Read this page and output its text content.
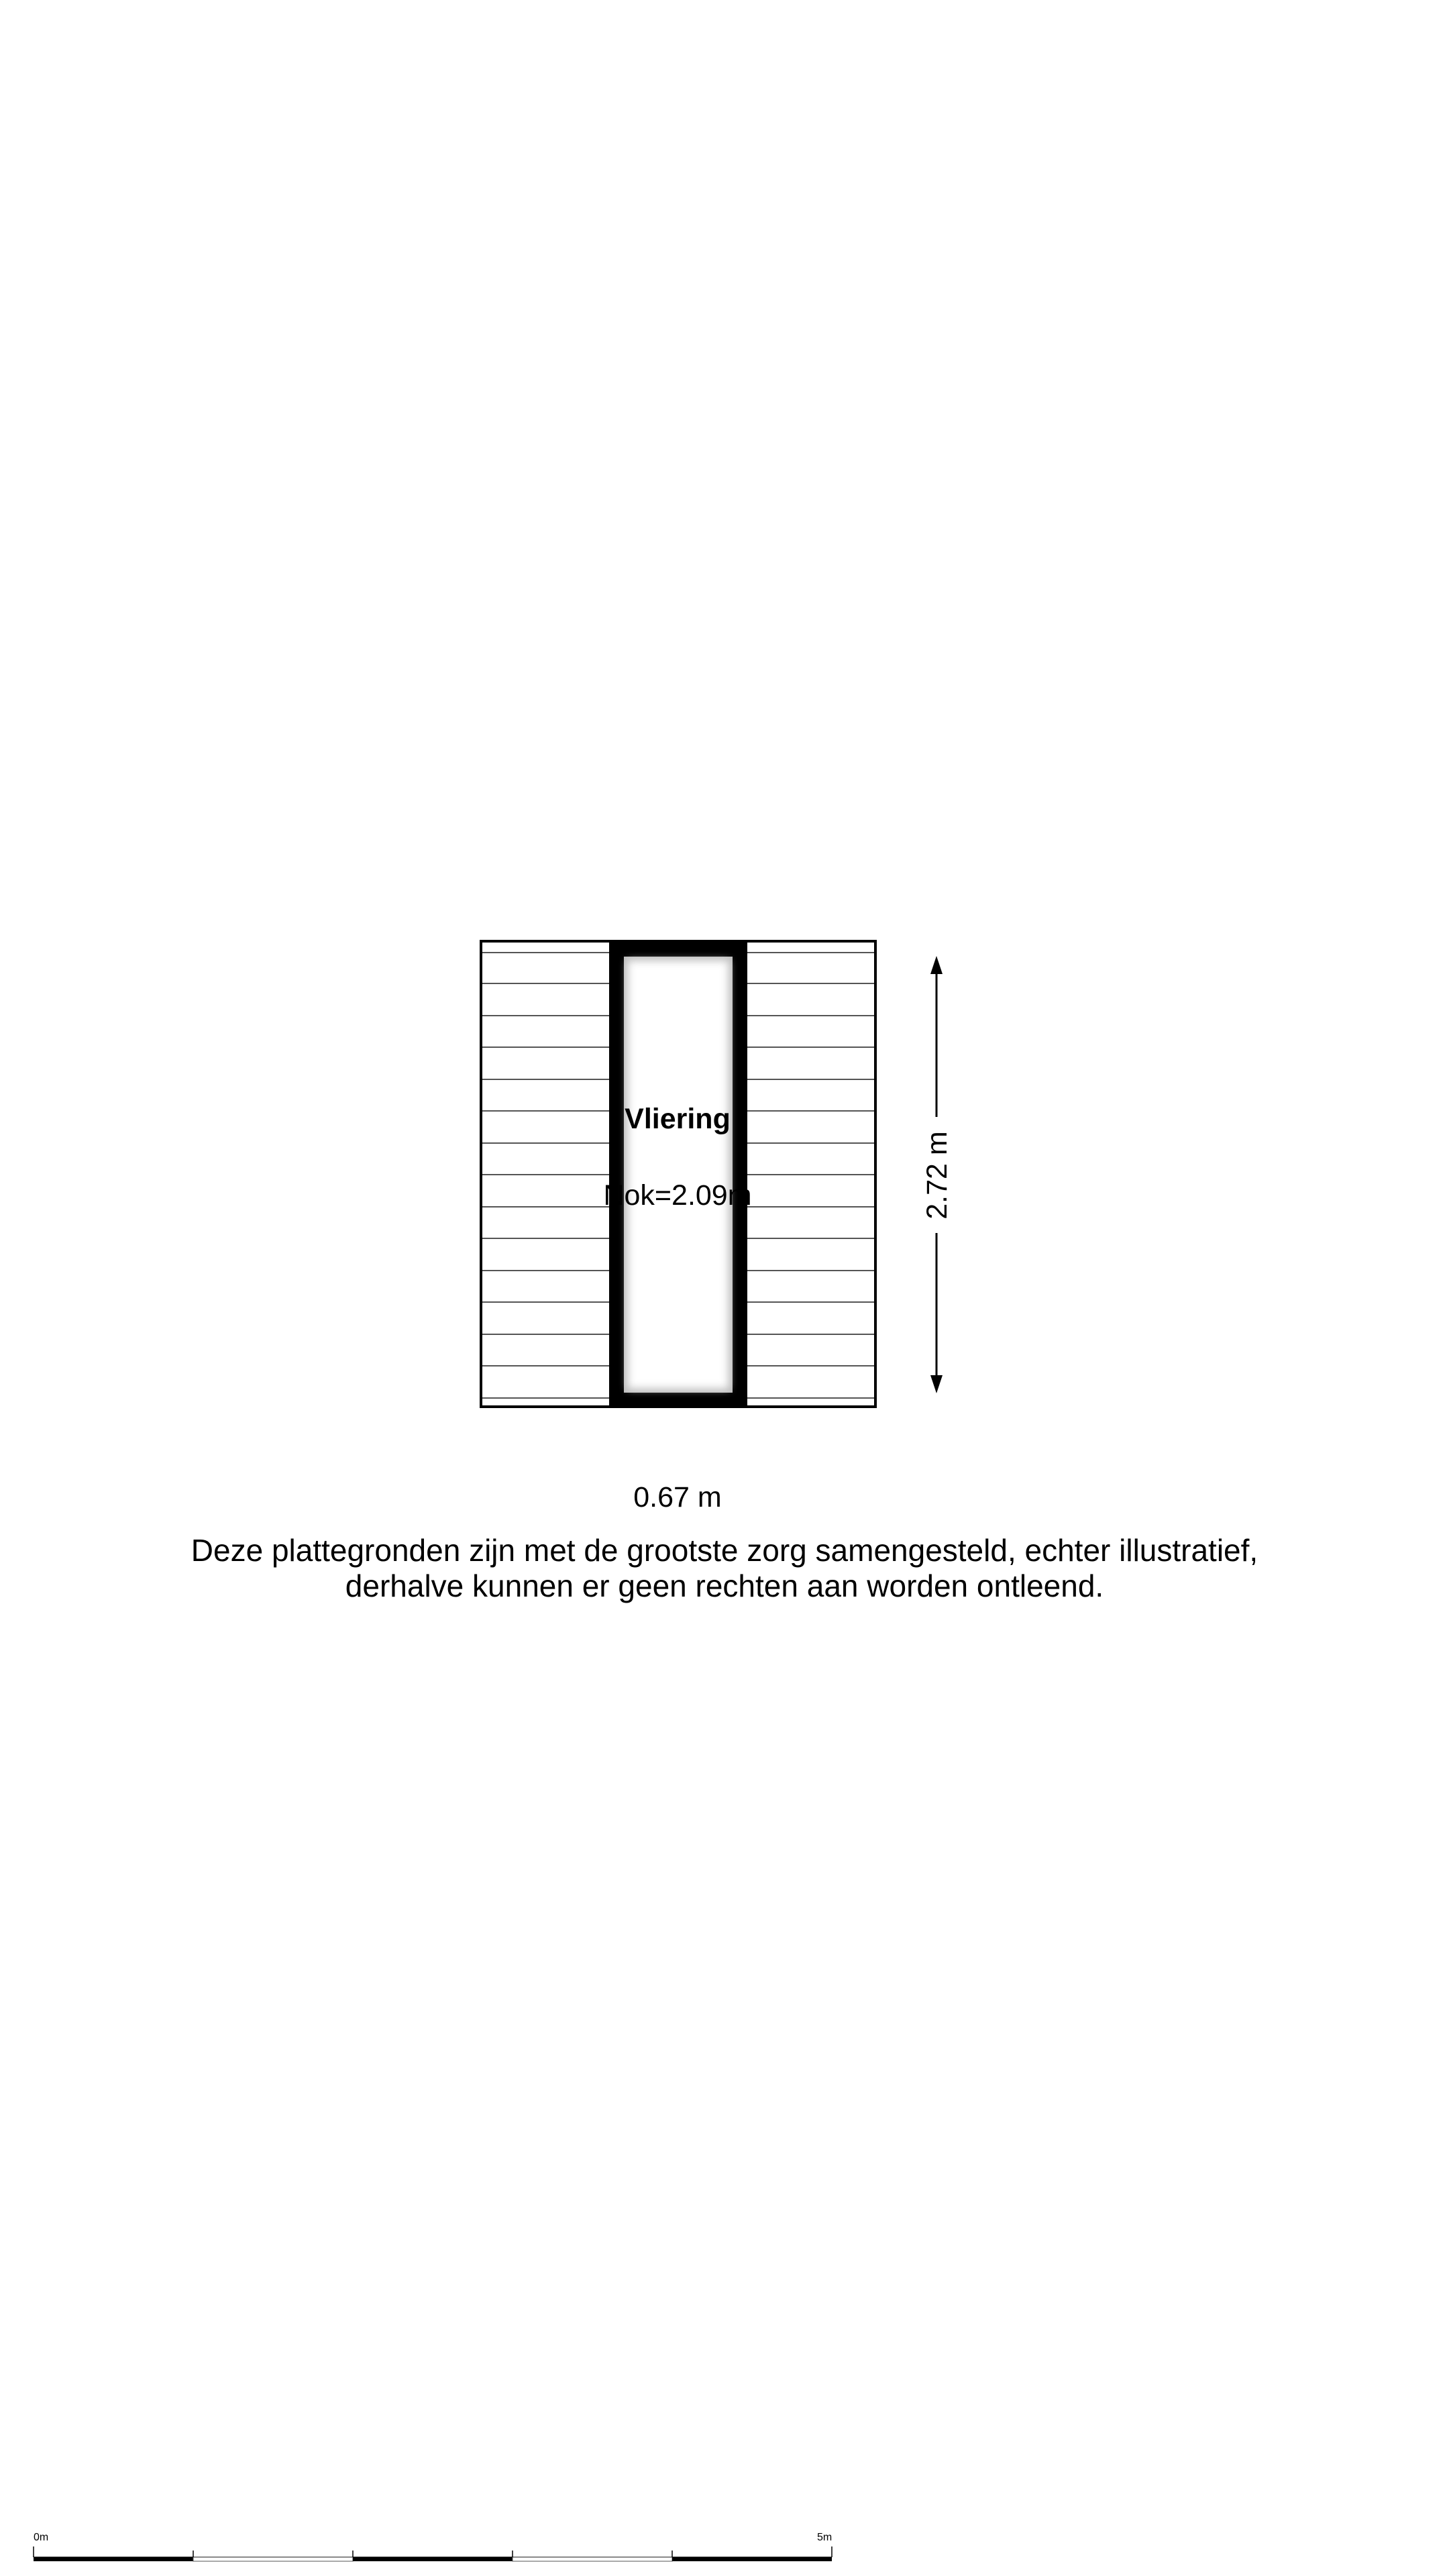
Vliering
Nok=2.09m	2.72 m
0.67 m
Deze plattegronden zijn met de grootste zorg samengesteld, echter illustratief,
derhalve kunnen er geen rechten aan worden ontleend.
0m	5m
